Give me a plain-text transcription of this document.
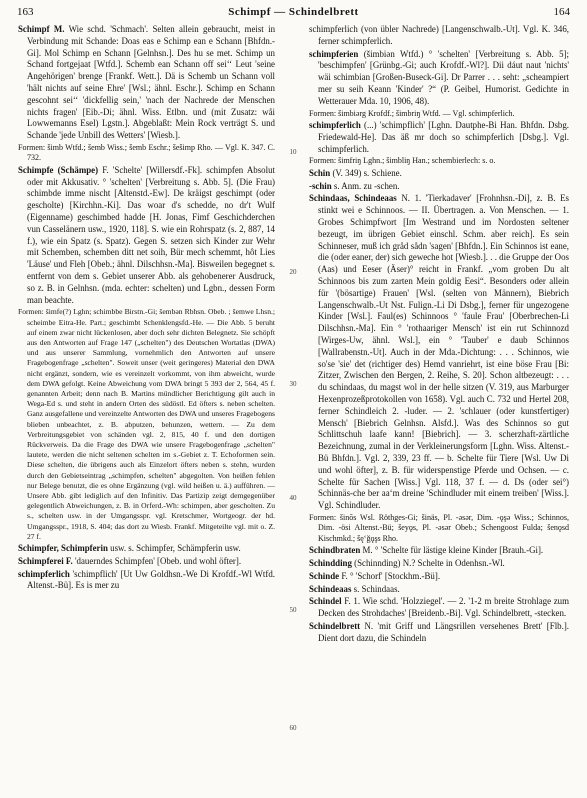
163	Schimpf — Schindelbrett	164

Schimpf M. Wie schd. 'Schmach'. Selten allein gebraucht, meist in Verbindung mit Schande: Doas eas e Schimp ean e Schann [Bhfdn.-Gi]. Mol Schimp en Schann [Gelnhsn.]. Des hu se met. Schimp un Schand fortgejaat [Wtfd.]. Schemb ean Schann off sei‘‘ Leut 'seine Angehörigen' brenge [Frankf. Wett.]. Dä is Schemb un Schann voll 'hält nichts auf seine Ehre' [Wsl.; ähnl. Eschr.]. Schimp en Schann gescohnt sei‘‘ 'dickfellig sein,' 'nach der Nachrede der Menschen nichts fragen' [Eib.-Di; ähnl. Wiss. Etlbn. und (mit Zusatz: wåi Lowwemanns Esel) Lgstn.]. Abgeblaßt: Mein Rock verträgt S. und Schande 'jede Unbill des Wetters' [Wiesb.].

Formen: šimb Wtfd.; šemb Wiss.; šemb Eschr.; šešimp Rho. — Vgl. K. 347. C. 732.

Schimpfe (Schämpe) F. 'Schelte' [Willersdf.-Fk]. schimpfen Absolut oder mit Akkusativ. ° 'schelten' [Verbreitung s. Abb. 5]. (Die Frau) schimbde imme nischt [Altenstd.-Ew]. De kräigst geschimpt (oder gescholte) [Kirchhn.-Ki]. Das woar d's schedde, no dr't Wulf (Eigenname) geschimbed hadde [H. Jonas, Fimf Geschichderchen vun Casselänern usw., 1920, 118]. S. wie ein Rohrspatz (s. 2, 887, 14 f.), wie ein Spatz (s. Spatz). Gegen S. setzen sich Kinder zur Wehr mit Schemben, schemben ditt net soih, Bür mech schemmt, hôt Lies 'Läuse' und Fleh [Obeb.; ähnl. Dilschhsn.-Ma]. Bisweilen begegnet s. entfernt von dem s. Gebiet unserer Abb. als gehobenerer Ausdruck, so z. B. in Gelnhsn. (mda. echter: schelten) und Lgbn., dessen Form man beachte.

Formen: šimfe(?) Lghn; schimbbe Birstn.-Gi; šembən Rbhsn. Obeb. ; šemwe Lhsn.; scheimbe Eitra-He. Part.; geschimbt Schenklengsfd.-He. — Die Abb. 5 beruht auf einem zwar nicht lückenlosen, aber doch sehr dichten Belegnetz. Sie schöpft aus den Antworten auf Frage 147 („schelten") des Deutschen Wortatlas (DWA) und aus unserer Sammlung, vornehmlich den Antworten auf unsere Fragebogenfrage „schelten". Soweit unser (weit geringeres) Material den DWA nicht ergänzt, sondern, wie es vereinzelt vorkommt, von ihm abweicht, wurde dem DWA gefolgt. Keine Abweichung vom DWA bringt 5 393 der 2, 564, 45 f. genannten Arbeit; denn nach B. Martins mündlicher Berichtigung gilt auch in Wega-Ed s. und steht in andern Orten des südöstl. Ed öfters s. neben schelten. Ganz ausgefallene und vereinzelte Antworten des DWA und unseres Fragebogens blieben unbeachtet, z. B. abputzen, behunzen, wettern. — Zu dem Verbreitungsgebiet von schänden vgl. 2, 815, 40 f. und den dortigen Rückverweis. Da die Frage des DWA wie unsere Fragebogenfrage „schelten" lautete, werden die nicht seltenen schelten im s.-Gebiet z. T. Echoformen sein. Diese schelten, die übrigens auch als Einzelort öfters neben s. stehn, wurden durch den Gebietseintrag „schimpfen, schelten" abgegolten. Von heißen fehlen nur Belege benutzt, die es ohne Ergänzung (vgl. wild heißen u. ä.) aufführen. — Unsere Abb. gibt lediglich auf den Infinitiv. Das Partizip zeigt demgegenüber gelegentlich Abweichungen, z. B. in Orferd.-Wh: schimpen, aber gescholten. Zu s., schelten usw. in der Umgangsspr. vgl. Kretschmer, Wortgeogr. der hd. Umgangsspr., 1918, S. 404; das dort zu Wiesb. Frankf. Mitgeteilte vgl. mit o. Z. 27 f.

Schimpfer, Schimpferin usw. s. Schimpfer, Schämpferin usw.

Schimpferei F. 'dauerndes Schimpfen' [Obeb. und wohl öfter].

schimpferlich 'schimpflich' [Ut Uw Goldhsn.-We Di Krofdf.-Wl Wtfd. Altenst.-Bü]. Es is mer zu

schimpferlich (von übler Nachrede) [Langenschwalb.-Ut]. Vgl. K. 346, ferner schimpferlich.

schimpferien (šimbiən Wtfd.) ° 'schelten' [Verbreitung s. Abb. 5]; 'beschimpfen' [Grünbg.-Gi; auch Krofdf.-Wl?]. Dii dáut naut 'nichts' wäi schimbian [Großen-Buseck-Gi]. Dr Parrer . . . seht: „scheampiert mer su seih Keann 'Kinder' ?“ (P. Geibel, Humorist. Gedichte in Wetterauer Mda. 10, 1906, 48).

Formen: šimbiərg Krofdf.; šimbriŋ Wtfd. — Vgl. schimpferlich.

schimpferlich (...) 'schimpflich' [Lghn. Dautphe-Bi Han. Bhfdn. Dsbg. Friedewald-He]. Das äß mr doch so schimpferlich [Dsbg.]. Vgl. schimpferlich.

Formen: šimfriŋ Lghn.; šimbliŋ Han.; schembierlech: s. o.

Schin (V. 349) s. Schiene.

-schin s. Anm. zu -schen.

Schindaas, Schindeaas N. 1. 'Tierkadaver' [Frohnhsn.-Di], z. B. Es stinkt wei e Schinnoos. — II. Übertragen. a. Von Menschen. — 1. Grobes Schimpfwort [Im Westrand und im Nordosten seltener bezeugt, im übrigen Gebiet einschl. Schm. aber reich]. Es sein Schinneser, muß ich gråd sådn 'sagen' [Bhfdn.]. Ein Schinnos ist eane, die (oder eaner, der) sich geweche hot [Wiesb.]. . . die Gruppe der Oos (Aas) und Eeser (Äser)° reicht in Frankf. „vom groben Du alt Schinnoos bis zum zarten Mein goldig Eesi“. Besonders oder allein für '(bösartige) Frauen' [Wsl. (selten von Männern), Biebrich Langenschwalb.-Ut Nst. Fulign.-Li Di Dsbg.], ferner für ungezogene Kinder [Wsl.]. Faul(es) Schinnoos ° 'faule Frau' [Oberbrechen-Li Dilschhsn.-Ma]. Ein ° 'rothaariger Mensch' ist ein rut Schinnozd [Wirges-Uw, ähnl. Wsl.], ein ° 'Tauber' e daub Schinnos [Wallrabenstn.-Ut]. Auch in der Mda.-Dichtung: . . . Schinnos, wie so'se 'sie' det (richtiger des) Hemd vanriehrt, ist eine böse Frau [Bi: Zitzer, Zwischen den Bergen, 2. Reihe, S. 20]. Schon altbezeugt: . . . du schindaas, du magst wol in der helle sitzen (V. 319, aus Marburger Hexenprozeßprotokollen von 1658). Vgl. auch C. 732 und Hertel 208, ferner Schindleich 2. -luder. — 2. 'schlauer (oder kunstfertiger) Mensch' [Biebrich Gelnhsn. Alsfd.]. Was des Schinnos so gut Schlittschuh laafe kann! [Biebrich]. — 3. scherzhaft-zärtliche Bezeichnung, zumal in der Verkleinerungsform [Lghn. Wiss. Altenst.-Bü Bhfdn.]. Vgl. 2, 339, 23 ff. — b. Schelte für Tiere [Wsl. Uw Di und wohl öfter], z. B. für widerspenstige Pferde und Ochsen. — c. Schelte für Sachen [Wiss.] Vgl. 118, 37 f. — d. Ds (oder sei°) Schinnäs-che ber aa‘m dreine 'Schindluder mit einem treiben' [Wiss.]. Vgl. Schindluder.

Formen: šinōs Wsl. Röthges-Gi; šinäs, Pl. -əsər, Dim. -ǫşə Wiss.; Schinnos, Dim. -ösi Altenst.-Bü; šeyǫs, Pl. -əsər Obeb.; Schengoost Fulda; šenǫsd Kischmkd.; šę‘ğǫşs Rho.

Schindbraten M. ° 'Schelte für lästige kleine Kinder [Brauh.-Gi].

Schindding (Schinnding) N.? Schelte in Odenhsn.-Wl.

Schinde F. ° 'Schorf' [Stockhm.-Bü].

Schindeaas s. Schindaas.

Schindel F. 1. Wie schd. 'Holzziegel'. — 2. '1-2 m breite Strohlage zum Decken des Strohdaches' [Breidenb.-Bi]. Vgl. Schindelbrett, -stecken.

Schindelbrett N. 'mit Griff und Längsrillen versehenes Brett' [Flb.]. Dient dort dazu, die Schindeln

10
20
30
40
50
60
